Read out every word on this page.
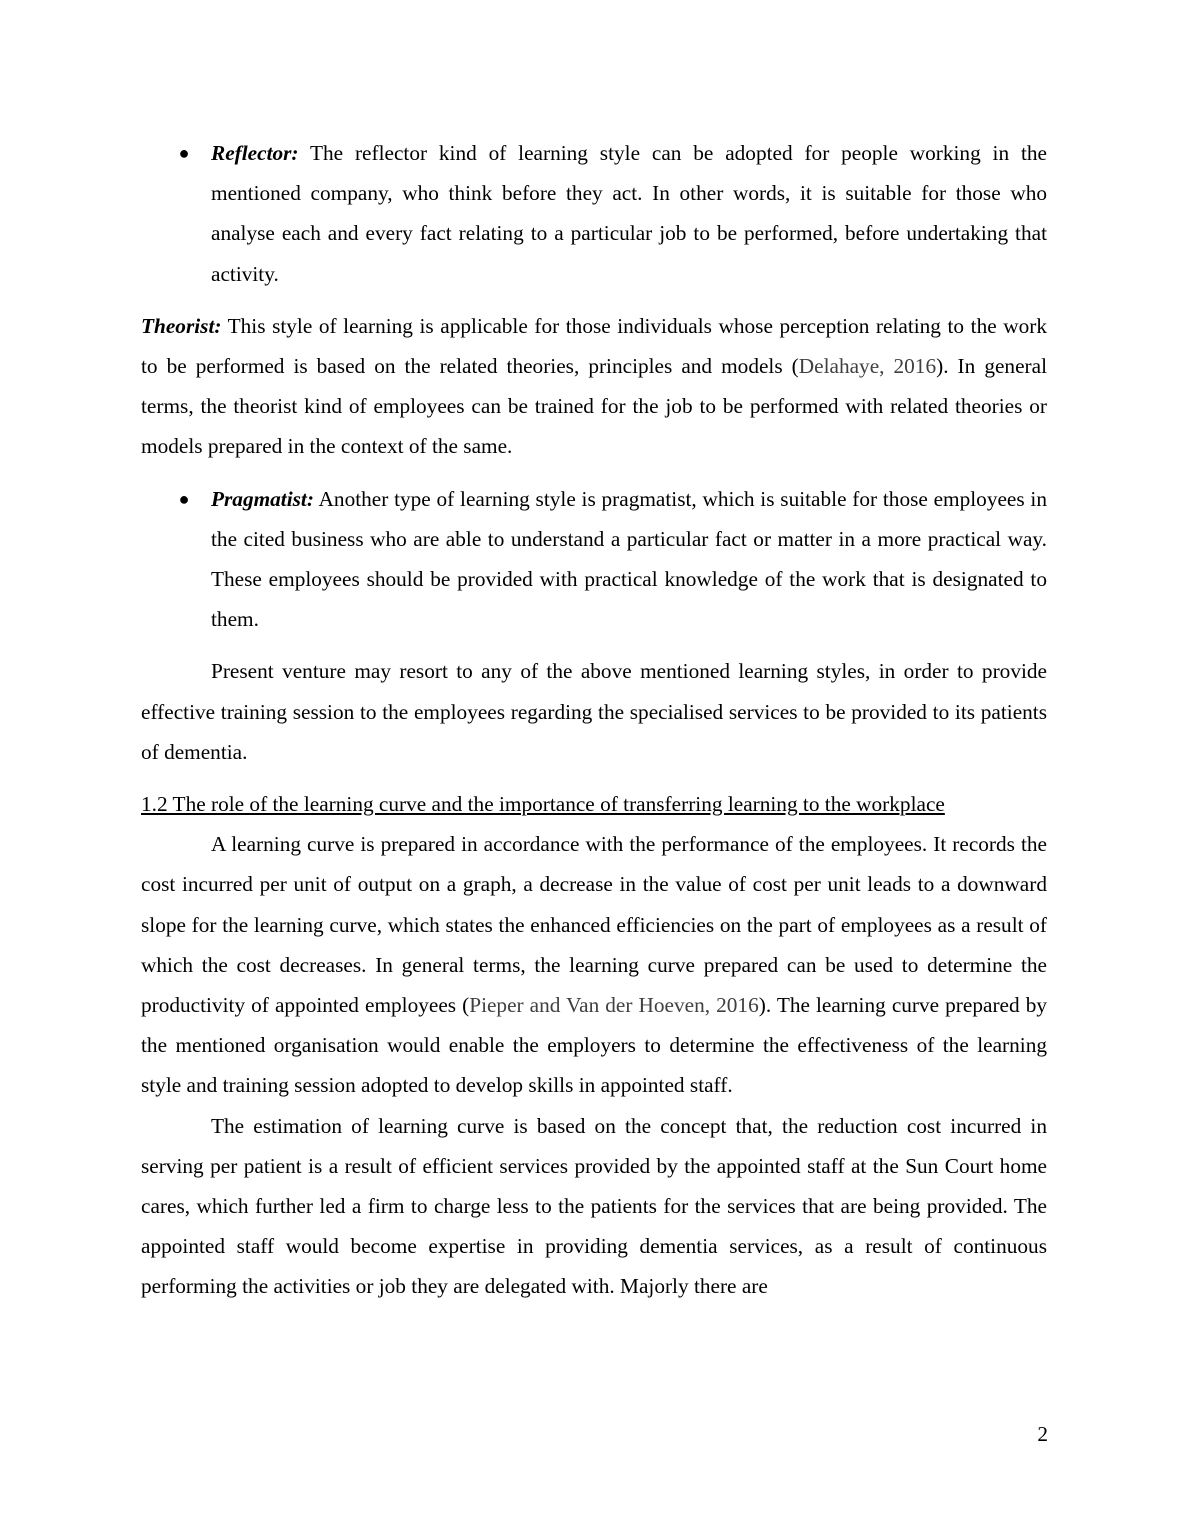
● Reflector: The reflector kind of learning style can be adopted for people working in the mentioned company, who think before they act. In other words, it is suitable for those who analyse each and every fact relating to a particular job to be performed, before undertaking that activity.

Theorist: This style of learning is applicable for those individuals whose perception relating to the work to be performed is based on the related theories, principles and models (Delahaye, 2016). In general terms, the theorist kind of employees can be trained for the job to be performed with related theories or models prepared in the context of the same.

● Pragmatist: Another type of learning style is pragmatist, which is suitable for those employees in the cited business who are able to understand a particular fact or matter in a more practical way. These employees should be provided with practical knowledge of the work that is designated to them.

Present venture may resort to any of the above mentioned learning styles, in order to provide effective training session to the employees regarding the specialised services to be provided to its patients of dementia.

1.2 The role of the learning curve and the importance of transferring learning to the workplace

A learning curve is prepared in accordance with the performance of the employees. It records the cost incurred per unit of output on a graph, a decrease in the value of cost per unit leads to a downward slope for the learning curve, which states the enhanced efficiencies on the part of employees as a result of which the cost decreases. In general terms, the learning curve prepared can be used to determine the productivity of appointed employees (Pieper and Van der Hoeven, 2016). The learning curve prepared by the mentioned organisation would enable the employers to determine the effectiveness of the learning style and training session adopted to develop skills in appointed staff.

The estimation of learning curve is based on the concept that, the reduction cost incurred in serving per patient is a result of efficient services provided by the appointed staff at the Sun Court home cares, which further led a firm to charge less to the patients for the services that are being provided. The appointed staff would become expertise in providing dementia services, as a result of continuous performing the activities or job they are delegated with. Majorly there are

2
